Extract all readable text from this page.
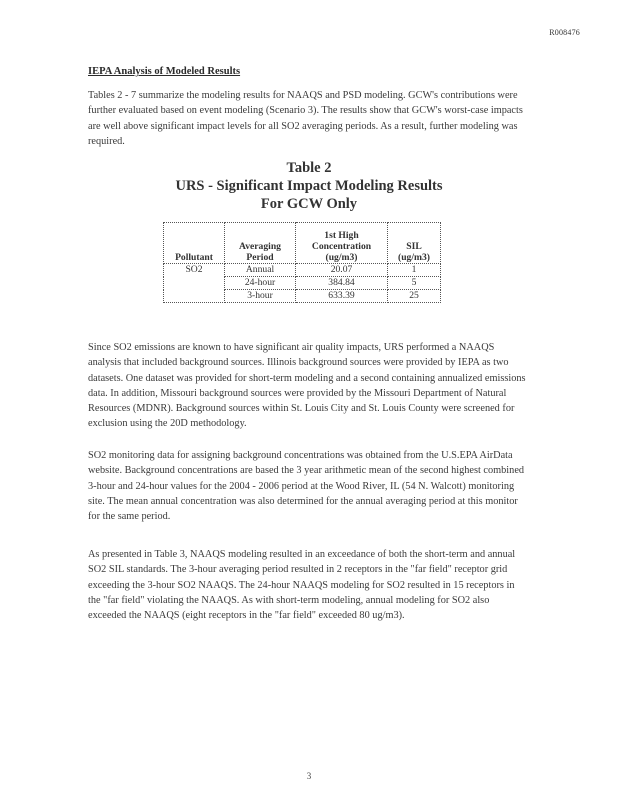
R008476
IEPA Analysis of Modeled Results
Tables 2 - 7 summarize the modeling results for NAAQS and PSD modeling. GCW's contributions were further evaluated based on event modeling (Scenario 3). The results show that GCW's worst-case impacts are well above significant impact levels for all SO2 averaging periods. As a result, further modeling was required.
Table 2
URS - Significant Impact Modeling Results
For GCW Only
Pollutant	Averaging Period	1st High Concentration (ug/m3)	SIL (ug/m3)
SO2	Annual	20.07	1
	24-hour	384.84	5
	3-hour	633.39	25
Since SO2 emissions are known to have significant air quality impacts, URS performed a NAAQS analysis that included background sources. Illinois background sources were provided by IEPA as two datasets. One dataset was provided for short-term modeling and a second containing annualized emissions data. In addition, Missouri background sources were provided by the Missouri Department of Natural Resources (MDNR). Background sources within St. Louis City and St. Louis County were screened for exclusion using the 20D methodology.
SO2 monitoring data for assigning background concentrations was obtained from the U.S.EPA AirData website. Background concentrations are based the 3 year arithmetic mean of the second highest combined 3-hour and 24-hour values for the 2004 - 2006 period at the Wood River, IL (54 N. Walcott) monitoring site. The mean annual concentration was also determined for the annual averaging period at this monitor for the same period.
As presented in Table 3, NAAQS modeling resulted in an exceedance of both the short-term and annual SO2 SIL standards. The 3-hour averaging period resulted in 2 receptors in the "far field" receptor grid exceeding the 3-hour SO2 NAAQS. The 24-hour NAAQS modeling for SO2 resulted in 15 receptors in the "far field" violating the NAAQS. As with short-term modeling, annual modeling for SO2 also exceeded the NAAQS (eight receptors in the "far field" exceeded 80 ug/m3).
3
